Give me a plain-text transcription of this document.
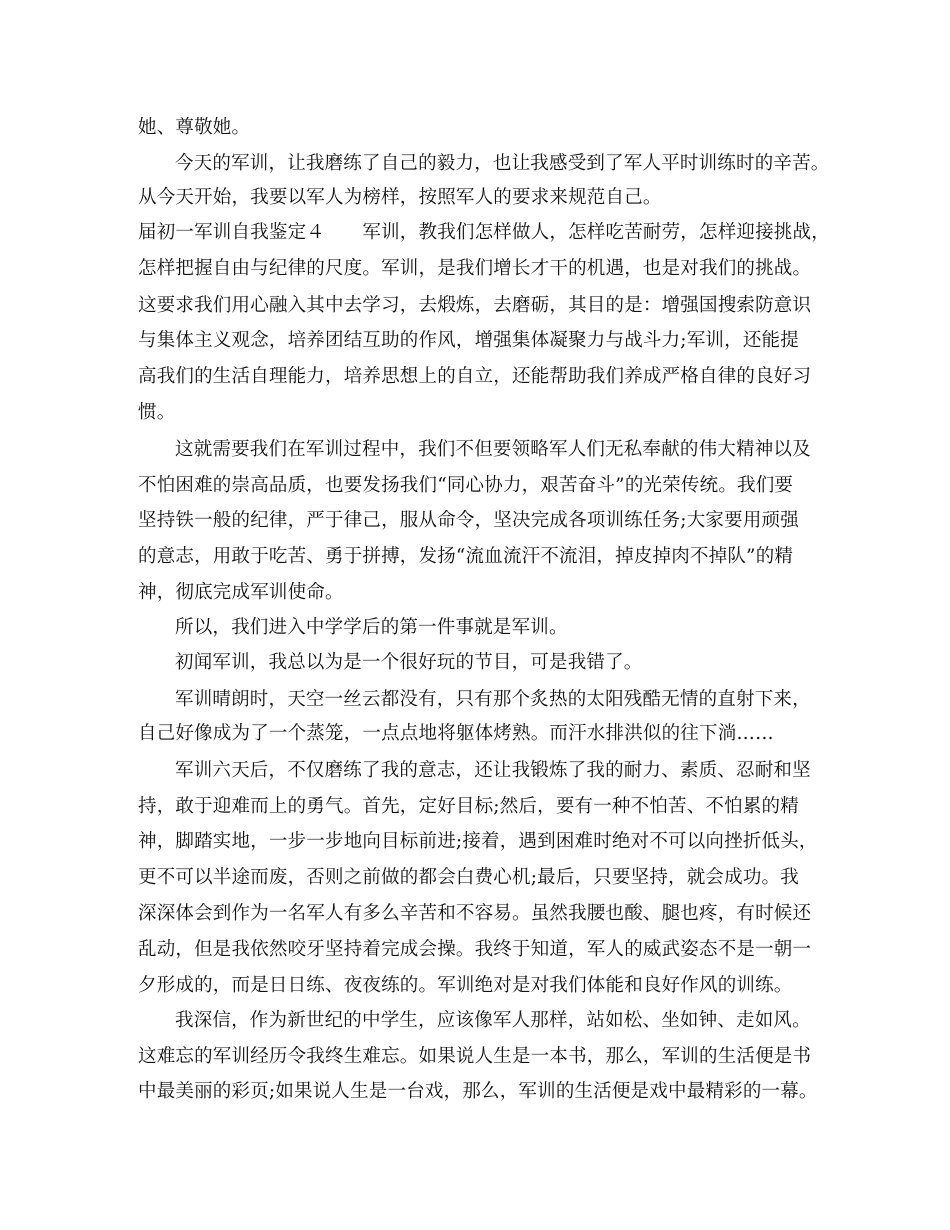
她、尊敬她。
今天的军训，让我磨练了自己的毅力，也让我感受到了军人平时训练时的辛苦。
从今天开始，我要以军人为榜样，按照军人的要求来规范自己。
届初一军训自我鉴定４　　军训，教我们怎样做人，怎样吃苦耐劳，怎样迎接挑战，
怎样把握自由与纪律的尺度。军训，是我们增长才干的机遇，也是对我们的挑战。
这要求我们用心融入其中去学习，去煅炼，去磨砺，其目的是：增强国搜索防意识
与集体主义观念，培养团结互助的作风，增强集体凝聚力与战斗力;军训，还能提
高我们的生活自理能力，培养思想上的自立，还能帮助我们养成严格自律的良好习
惯。
这就需要我们在军训过程中，我们不但要领略军人们无私奉献的伟大精神以及
不怕困难的崇高品质，也要发扬我们“同心协力，艰苦奋斗”的光荣传统。我们要
坚持铁一般的纪律，严于律己，服从命令，坚决完成各项训练任务;大家要用顽强
的意志，用敢于吃苦、勇于拼搏，发扬“流血流汗不流泪，掉皮掉肉不掉队”的精
神，彻底完成军训使命。
所以，我们进入中学学后的第一件事就是军训。
初闻军训，我总以为是一个很好玩的节目，可是我错了。
军训晴朗时，天空一丝云都没有，只有那个炙热的太阳残酷无情的直射下来，
自己好像成为了一个蒸笼，一点点地将躯体烤熟。而汗水排洪似的往下淌……
军训六天后，不仅磨练了我的意志，还让我锻炼了我的耐力、素质、忍耐和坚
持，敢于迎难而上的勇气。首先，定好目标;然后，要有一种不怕苦、不怕累的精
神，脚踏实地，一步一步地向目标前进;接着，遇到困难时绝对不可以向挫折低头，
更不可以半途而废，否则之前做的都会白费心机;最后，只要坚持，就会成功。我
深深体会到作为一名军人有多么辛苦和不容易。虽然我腰也酸、腿也疼，有时候还
乱动，但是我依然咬牙坚持着完成会操。我终于知道，军人的威武姿态不是一朝一
夕形成的，而是日日练、夜夜练的。军训绝对是对我们体能和良好作风的训练。
我深信，作为新世纪的中学生，应该像军人那样，站如松、坐如钟、走如风。
这难忘的军训经历令我终生难忘。如果说人生是一本书，那么，军训的生活便是书
中最美丽的彩页;如果说人生是一台戏，那么，军训的生活便是戏中最精彩的一幕。
